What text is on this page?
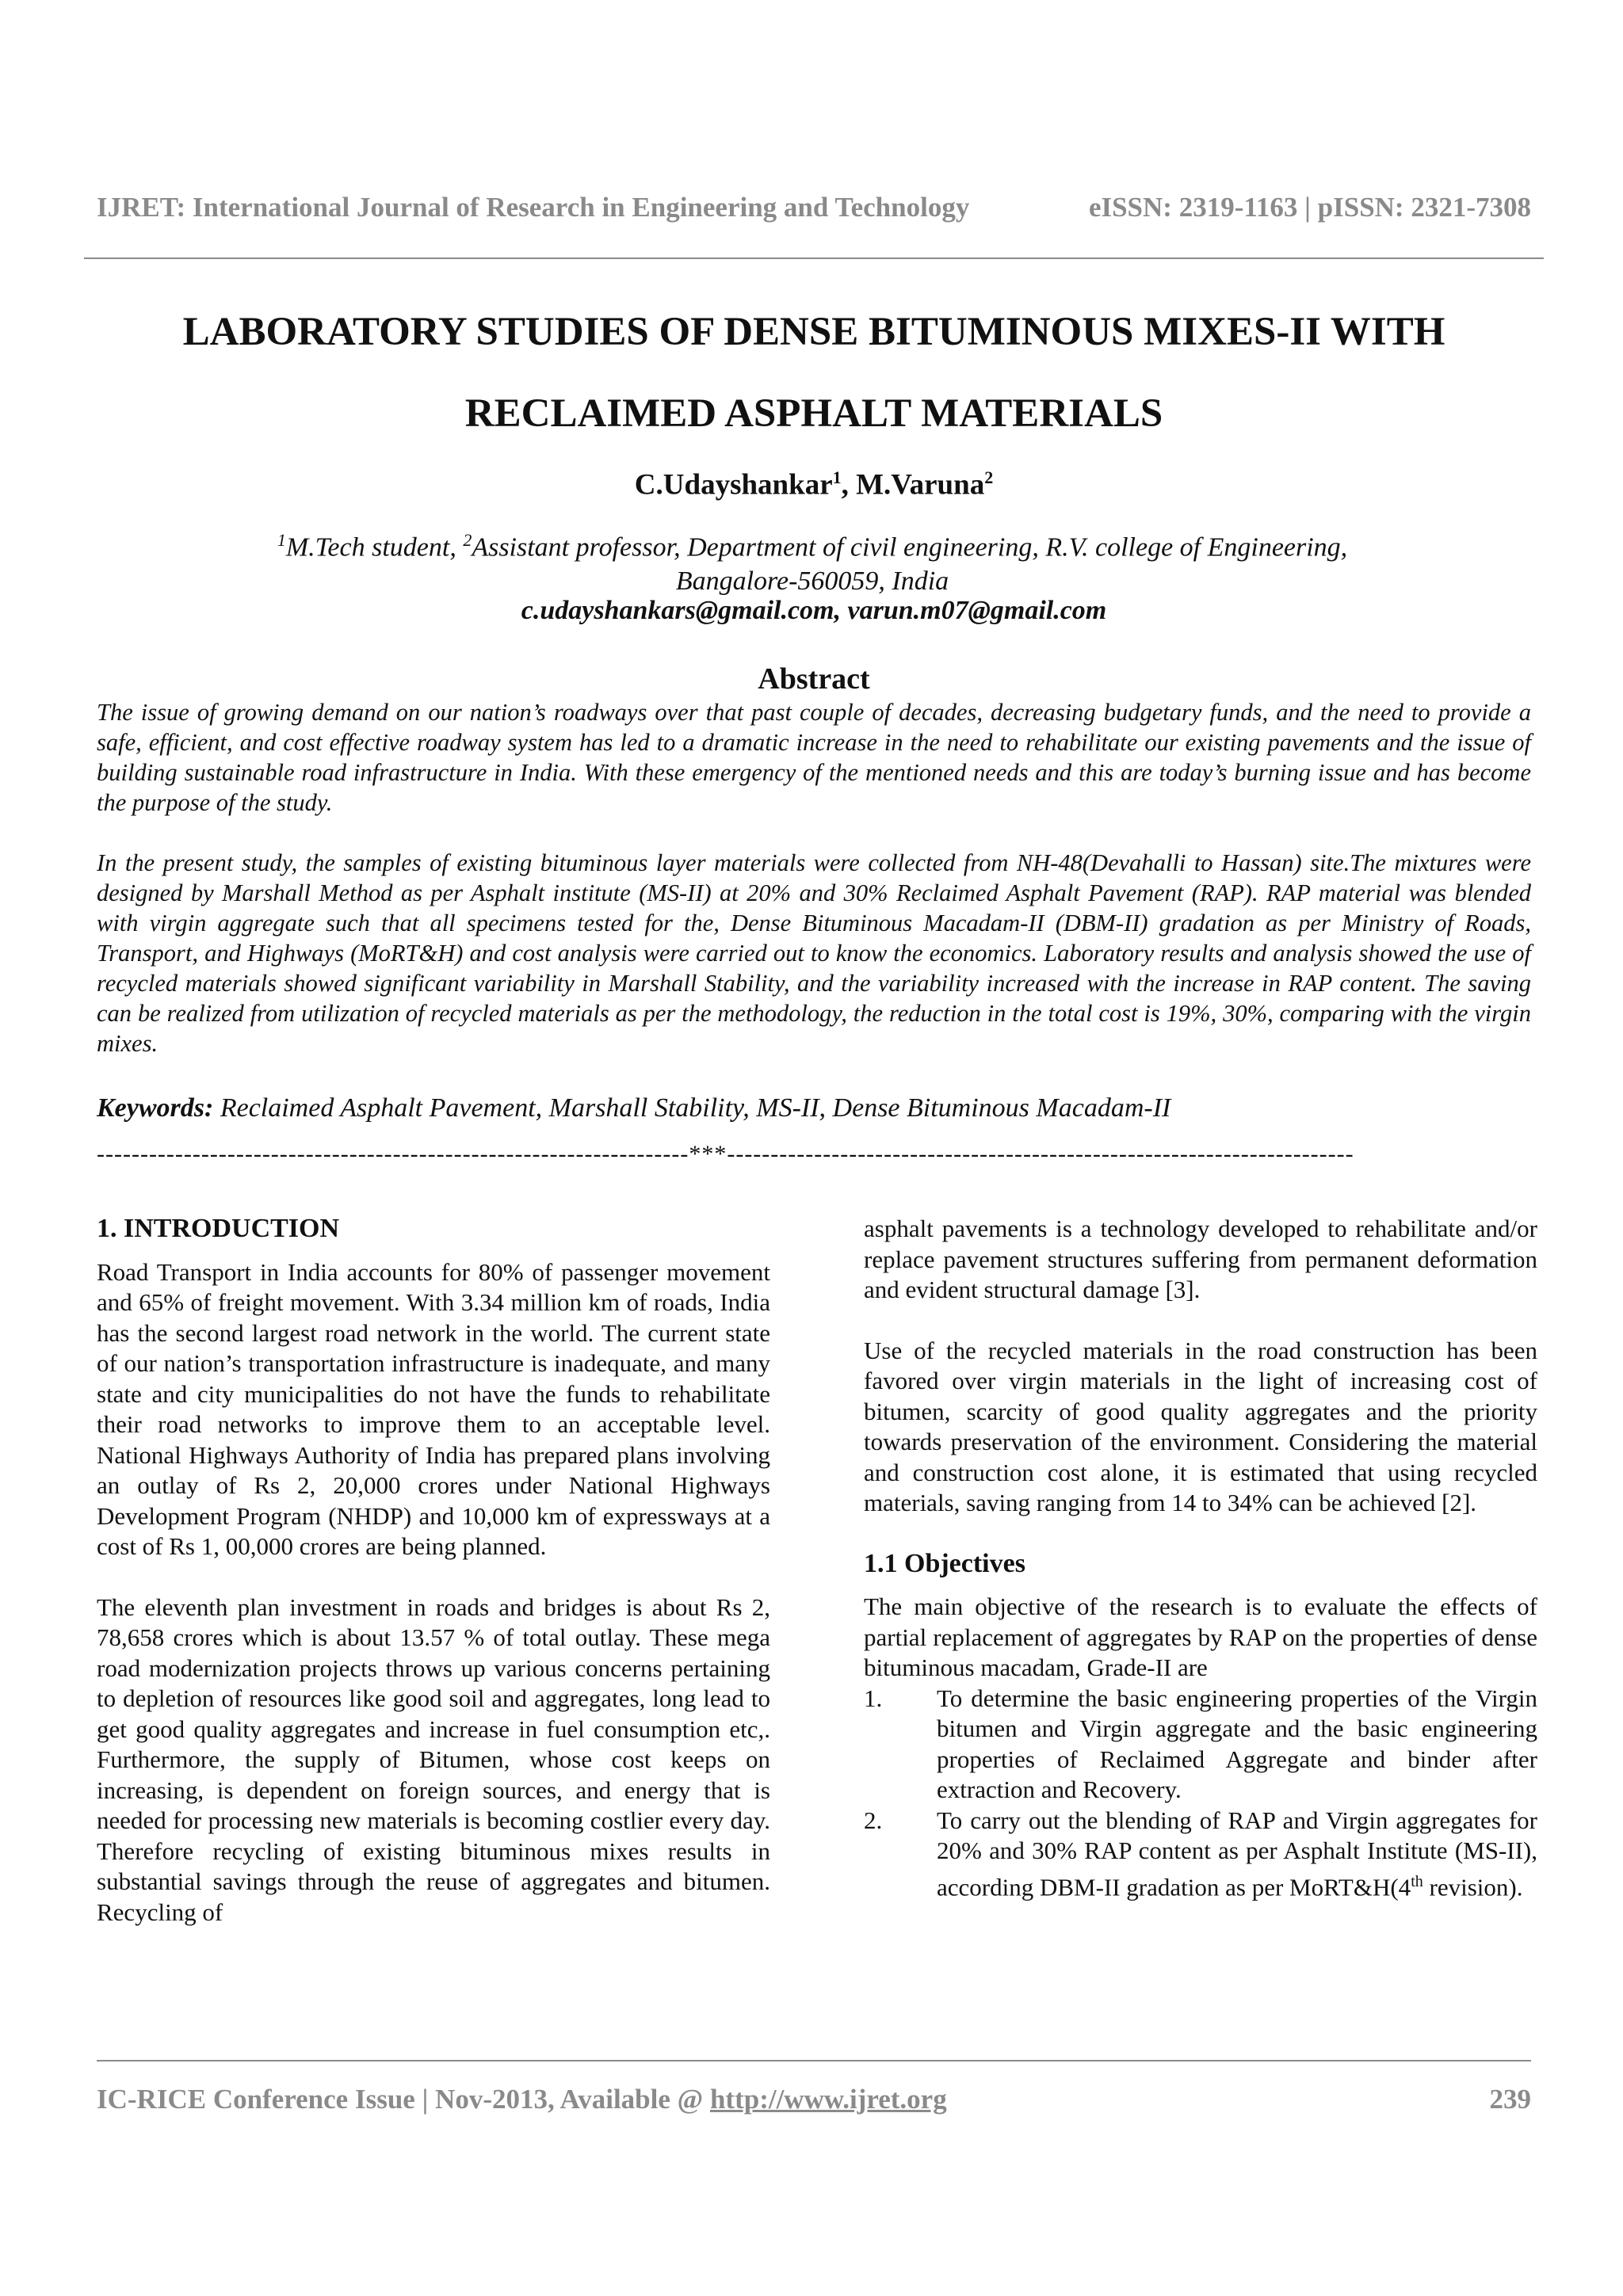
IJRET: International Journal of Research in Engineering and Technology	eISSN: 2319-1163 | pISSN: 2321-7308
LABORATORY STUDIES OF DENSE BITUMINOUS MIXES-II WITH
RECLAIMED ASPHALT MATERIALS
C.Udayshankar$^1$, M.Varuna$^2$
$^1$M.Tech student, $^2$Assistant professor, Department of civil engineering, R.V. college of Engineering,
Bangalore-560059, India
c.udayshankars@gmail.com, varun.m07@gmail.com
Abstract

The issue of growing demand on our nation’s roadways over that past couple of decades, decreasing budgetary funds, and the need to provide a safe, efficient, and cost effective roadway system has led to a dramatic increase in the need to rehabilitate our existing pavements and the issue of building sustainable road infrastructure in India. With these emergency of the mentioned needs and this are today’s burning issue and has become the purpose of the study.

In the present study, the samples of existing bituminous layer materials were collected from NH-48(Devahalli to Hassan) site.The mixtures were designed by Marshall Method as per Asphalt institute (MS-II) at 20% and 30% Reclaimed Asphalt Pavement (RAP). RAP material was blended with virgin aggregate such that all specimens tested for the, Dense Bituminous Macadam-II (DBM-II) gradation as per Ministry of Roads, Transport, and Highways (MoRT&H) and cost analysis were carried out to know the economics. Laboratory results and analysis showed the use of recycled materials showed significant variability in Marshall Stability, and the variability increased with the increase in RAP content. The saving can be realized from utilization of recycled materials as per the methodology, the reduction in the total cost is 19%, 30%, comparing with the virgin mixes.

Keywords: Reclaimed Asphalt Pavement, Marshall Stability, MS-II, Dense Bituminous Macadam-II
--------------------------------------------------------------------***------------------------------------------------------------------------
1. INTRODUCTION

Road Transport in India accounts for 80% of passenger movement and 65% of freight movement. With 3.34 million km of roads, India has the second largest road network in the world. The current state of our nation’s transportation infrastructure is inadequate, and many state and city municipalities do not have the funds to rehabilitate their road networks to improve them to an acceptable level. National Highways Authority of India has prepared plans involving an outlay of Rs 2, 20,000 crores under National Highways Development Program (NHDP) and 10,000 km of expressways at a cost of Rs 1, 00,000 crores are being planned.

The eleventh plan investment in roads and bridges is about Rs 2, 78,658 crores which is about 13.57 % of total outlay. These mega road modernization projects throws up various concerns pertaining to depletion of resources like good soil and aggregates, long lead to get good quality aggregates and increase in fuel consumption etc,. Furthermore, the supply of Bitumen, whose cost keeps on increasing, is dependent on foreign sources, and energy that is needed for processing new materials is becoming costlier every day. Therefore recycling of existing bituminous mixes results in substantial savings through the reuse of aggregates and bitumen. Recycling of

asphalt pavements is a technology developed to rehabilitate and/or replace pavement structures suffering from permanent deformation and evident structural damage [3].

Use of the recycled materials in the road construction has been favored over virgin materials in the light of increasing cost of bitumen, scarcity of good quality aggregates and the priority towards preservation of the environment. Considering the material and construction cost alone, it is estimated that using recycled materials, saving ranging from 14 to 34% can be achieved [2].

1.1 Objectives

The main objective of the research is to evaluate the effects of partial replacement of aggregates by RAP on the properties of dense bituminous macadam, Grade-II are

1.	To determine the basic engineering properties of the Virgin bitumen and Virgin aggregate and the basic engineering properties of Reclaimed Aggregate and binder after extraction and Recovery.
2.	To carry out the blending of RAP and Virgin aggregates for 20% and 30% RAP content as per Asphalt Institute (MS-II), according DBM-II gradation as per MoRT&H(4th revision).
IC-RICE Conference Issue | Nov-2013, Available @ http://www.ijret.org	239
